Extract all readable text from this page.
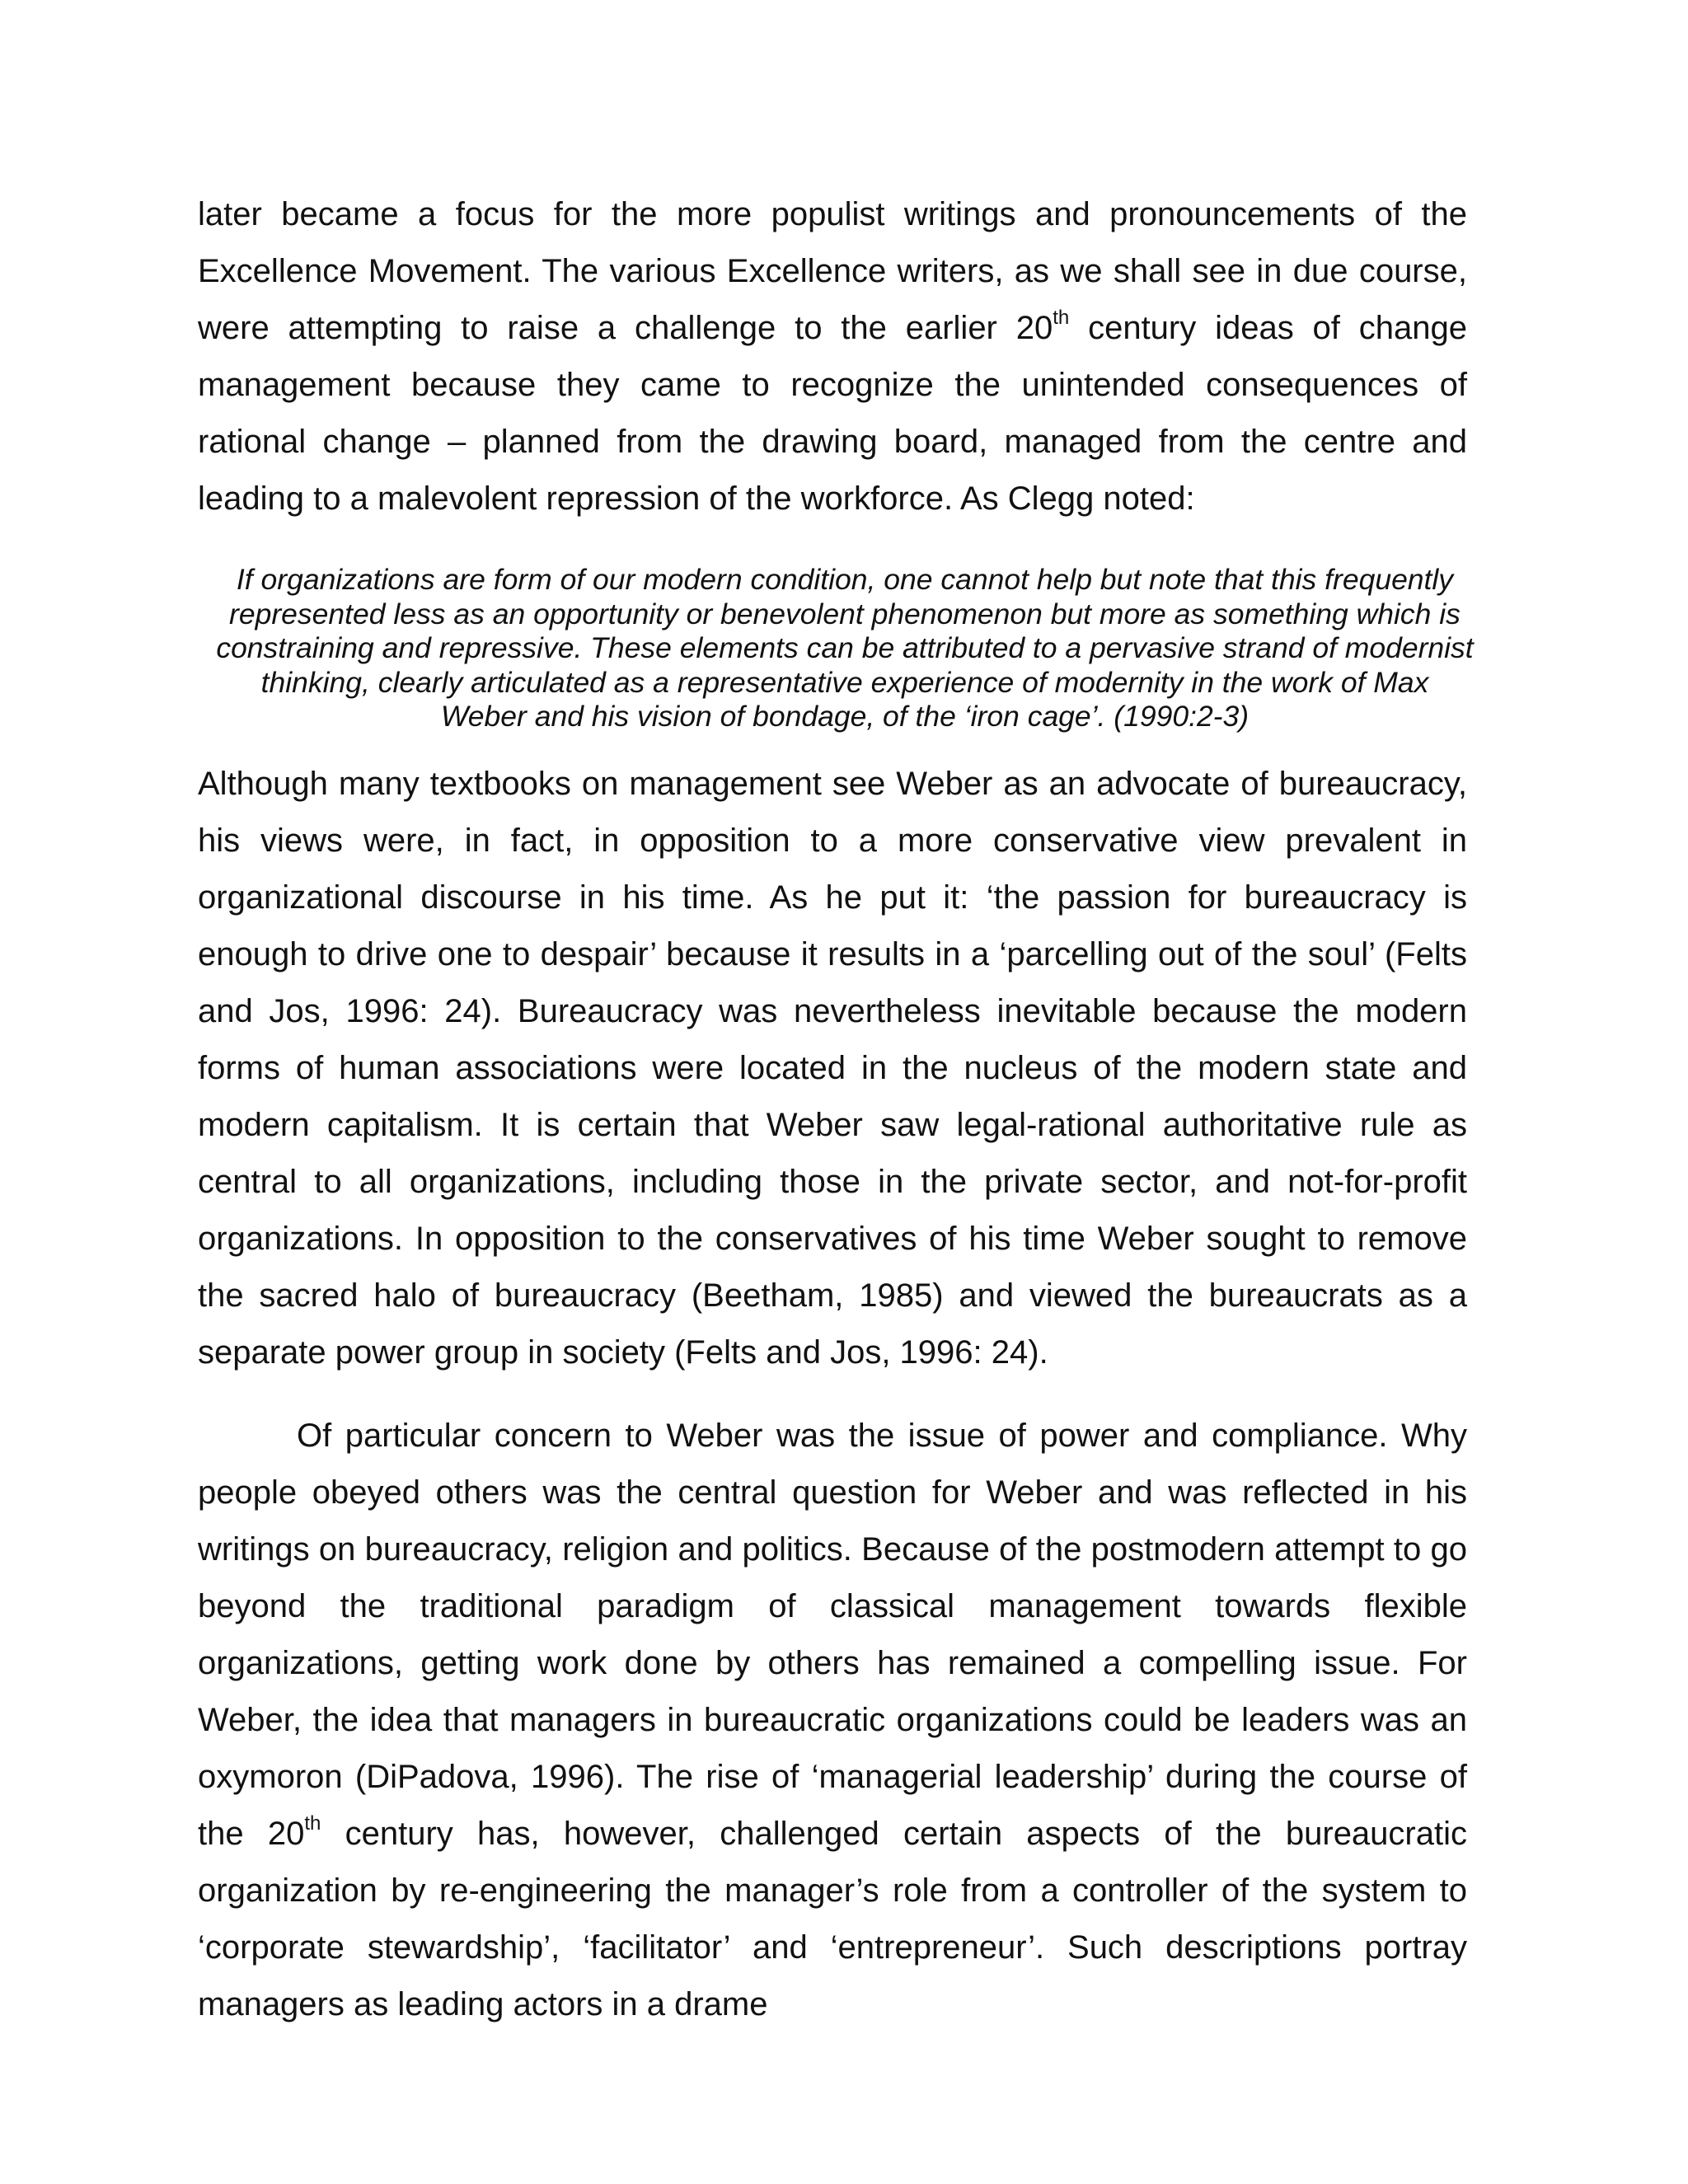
later became a focus for the more populist writings and pronouncements of the Excellence Movement. The various Excellence writers, as we shall see in due course, were attempting to raise a challenge to the earlier 20th century ideas of change management because they came to recognize the unintended consequences of rational change – planned from the drawing board, managed from the centre and leading to a malevolent repression of the workforce. As Clegg noted:

If organizations are form of our modern condition, one cannot help but note that this frequently represented less as an opportunity or benevolent phenomenon but more as something which is constraining and repressive. These elements can be attributed to a pervasive strand of modernist thinking, clearly articulated as a representative experience of modernity in the work of Max Weber and his vision of bondage, of the ‘iron cage’. (1990:2-3)

Although many textbooks on management see Weber as an advocate of bureaucracy, his views were, in fact, in opposition to a more conservative view prevalent in organizational discourse in his time. As he put it: ‘the passion for bureaucracy is enough to drive one to despair’ because it results in a ‘parcelling out of the soul’ (Felts and Jos, 1996: 24). Bureaucracy was nevertheless inevitable because the modern forms of human associations were located in the nucleus of the modern state and modern capitalism. It is certain that Weber saw legal-rational authoritative rule as central to all organizations, including those in the private sector, and not-for-profit organizations. In opposition to the conservatives of his time Weber sought to remove the sacred halo of bureaucracy (Beetham, 1985) and viewed the bureaucrats as a separate power group in society (Felts and Jos, 1996: 24).

Of particular concern to Weber was the issue of power and compliance. Why people obeyed others was the central question for Weber and was reflected in his writings on bureaucracy, religion and politics. Because of the postmodern attempt to go beyond the traditional paradigm of classical management towards flexible organizations, getting work done by others has remained a compelling issue. For Weber, the idea that managers in bureaucratic organizations could be leaders was an oxymoron (DiPadova, 1996). The rise of ‘managerial leadership’ during the course of the 20th century has, however, challenged certain aspects of the bureaucratic organization by re-engineering the manager’s role from a controller of the system to ‘corporate stewardship’, ‘facilitator’ and ‘entrepreneur’. Such descriptions portray managers as leading actors in a drame
